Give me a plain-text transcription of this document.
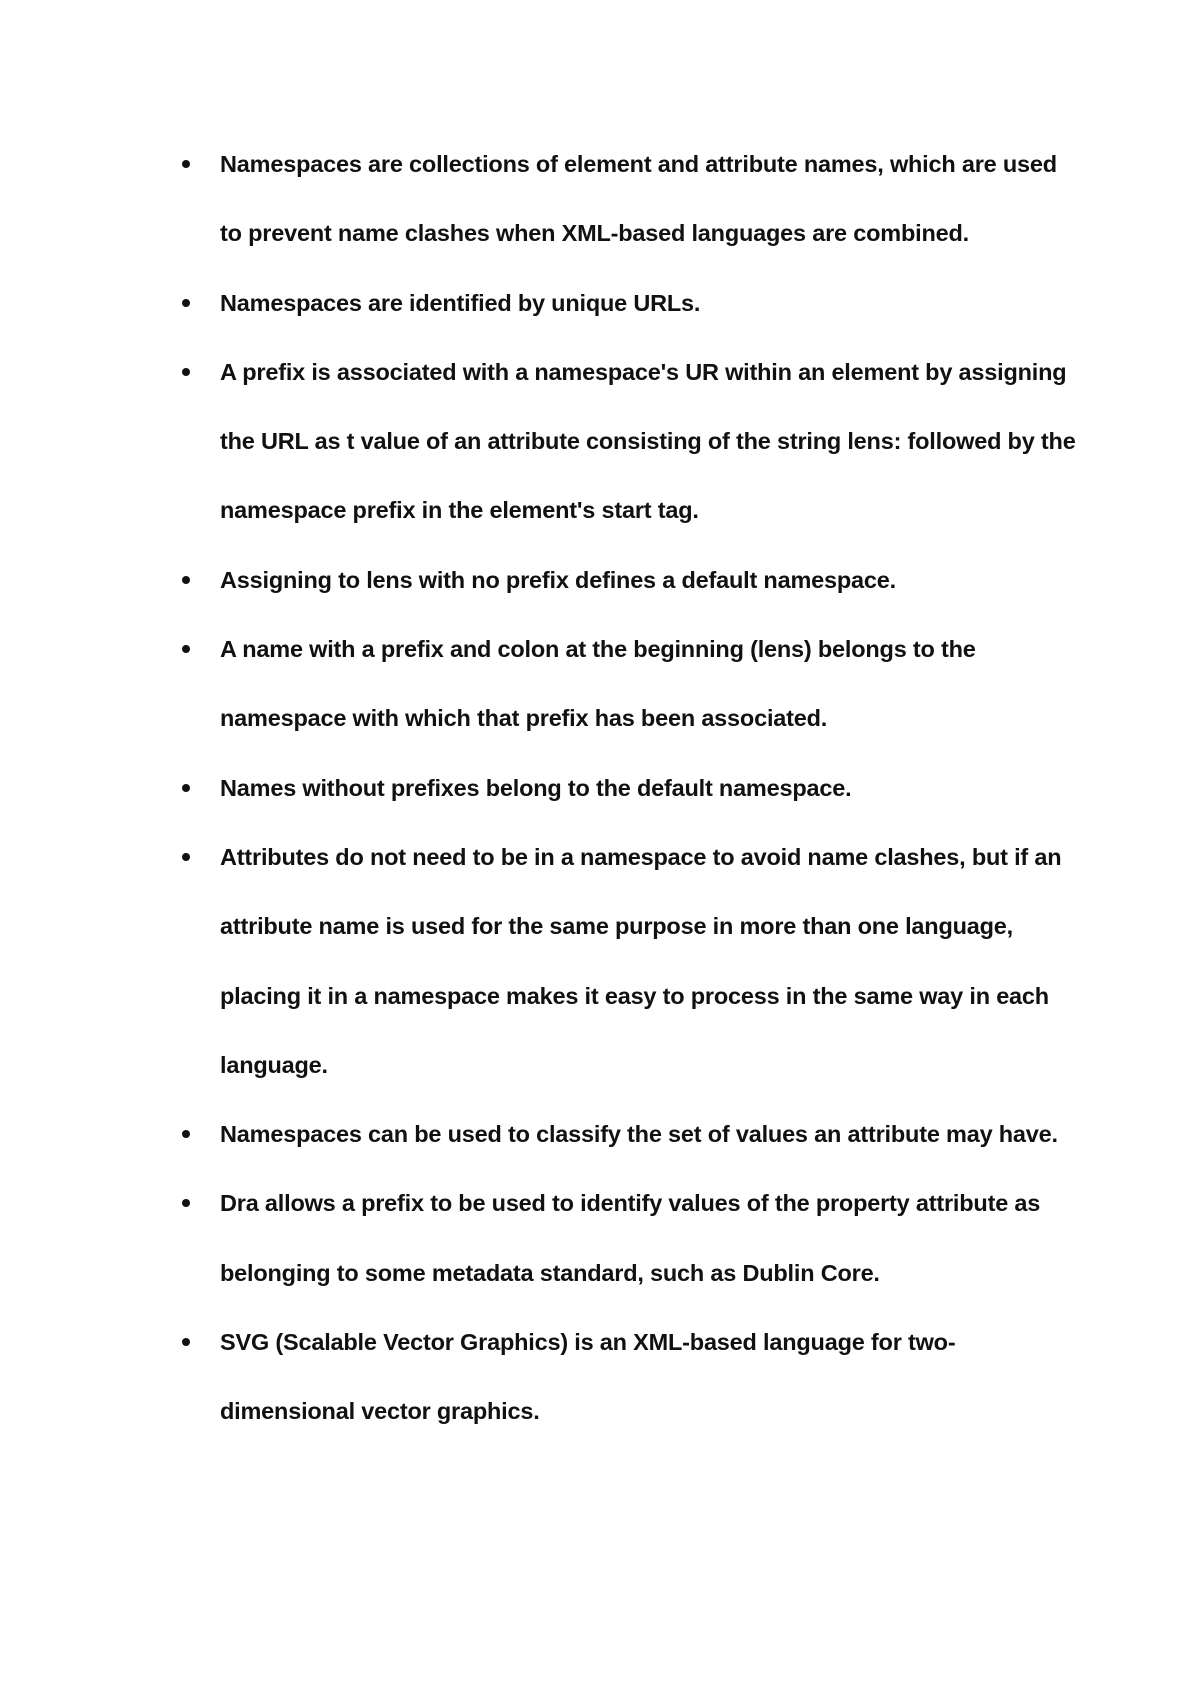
Namespaces are collections of element and attribute names, which are used to prevent name clashes when XML-based languages are combined.
Namespaces are identified by unique URLs.
A prefix is associated with a namespace's UR within an element by assigning the URL as t value of an attribute consisting of the string lens: followed by the namespace prefix in the element's start tag.
Assigning to lens with no prefix defines a default namespace.
A name with a prefix and colon at the beginning (lens) belongs to the namespace with which that prefix has been associated.
Names without prefixes belong to the default namespace.
Attributes do not need to be in a namespace to avoid name clashes, but if an attribute name is used for the same purpose in more than one language, placing it in a namespace makes it easy to process in the same way in each language.
Namespaces can be used to classify the set of values an attribute may have.
Dra allows a prefix to be used to identify values of the property attribute as belonging to some metadata standard, such as Dublin Core.
SVG (Scalable Vector Graphics) is an XML-based language for two-dimensional vector graphics.
